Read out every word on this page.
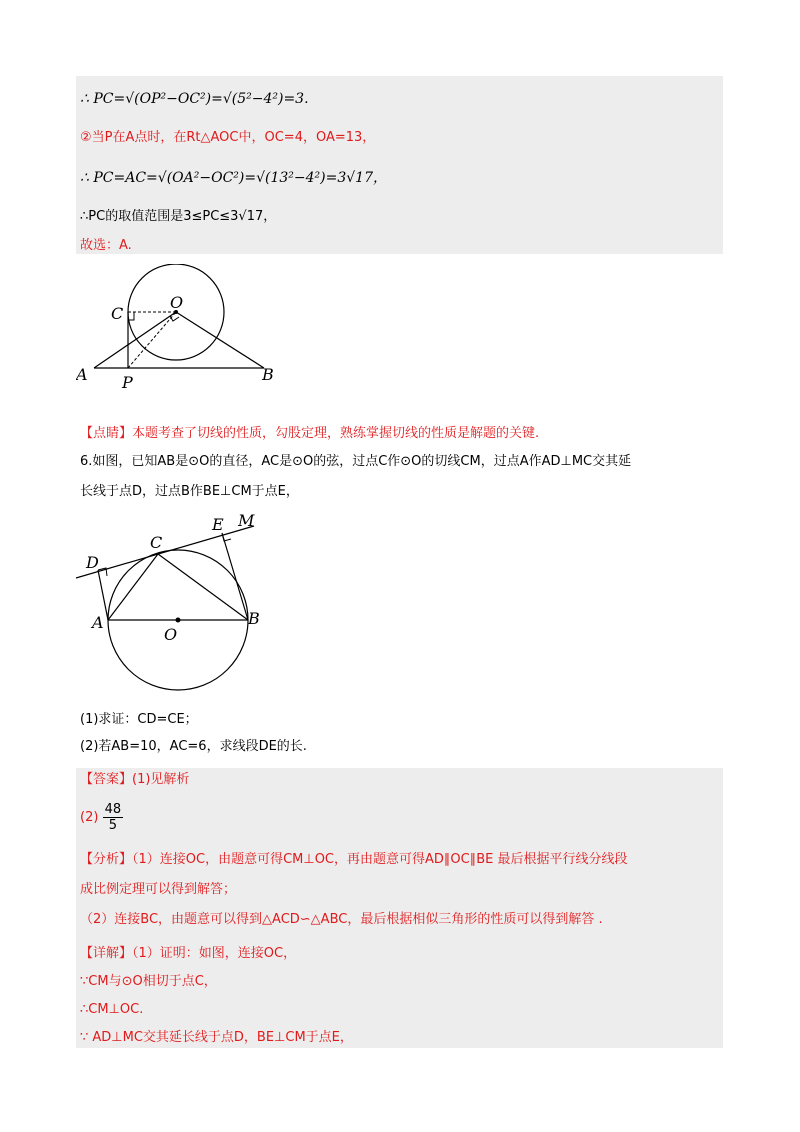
∴ PC=√(OP²−OC²)=√(5²−4²)=3.
②当P在A点时，在Rt△AOC中，OC=4，OA=13，
∴ PC=AC=√(OA²−OC²)=√(13²−4²)=3√17，
∴PC的取值范围是3≤PC≤3√17，
故选：A.
O
C
A P	B
【点睛】本题考查了切线的性质，勾股定理，熟练掌握切线的性质是解题的关键.
6.如图，已知AB是⊙O的直径，AC是⊙O的弦，过点C作⊙O的切线CM，过点A作AD⊥MC交其延
长线于点D，过点B作BE⊥CM于点E，
E M
D
C
A
O
B
(1)求证：CD=CE；
(2)若AB=10，AC=6，求线段DE的长.
【答案】(1)见解析
$(2) \frac{48}{5}$
【分析】（1）连接OC，由题意可得CM⊥OC，再由题意可得AD∥OC∥BE 最后根据平行线分线段
成比例定理可以得到解答；
（2）连接BC，由题意可以得到△ACD∽△ABC，最后根据相似三角形的性质可以得到解答 .
【详解】（1）证明：如图，连接OC，
∵CM与⊙O相切于点C，
∴CM⊥OC.
∵ AD⊥MC交其延长线于点D，BE⊥CM于点E，
